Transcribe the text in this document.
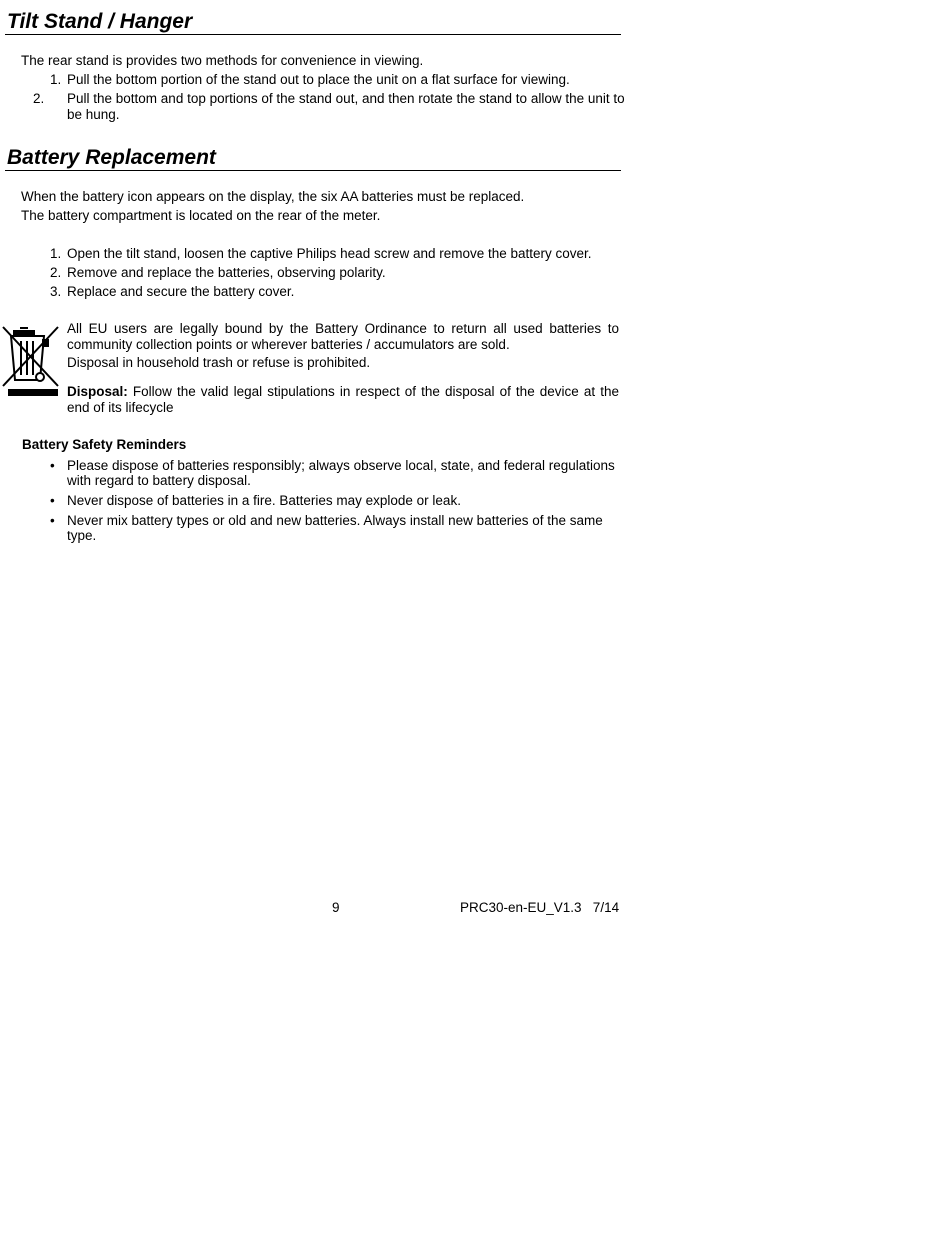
Tilt Stand / Hanger

The rear stand is provides two methods for convenience in viewing.

1. Pull the bottom portion of the stand out to place the unit on a flat surface for viewing.
2. Pull the bottom and top portions of the stand out, and then rotate the stand to allow the unit to be hung.
Battery Replacement

When the battery icon appears on the display, the six AA batteries must be replaced.

The battery compartment is located on the rear of the meter.

1. Open the tilt stand, loosen the captive Philips head screw and remove the battery cover.
2. Remove and replace the batteries, observing polarity.
3. Replace and secure the battery cover.

All EU users are legally bound by the Battery Ordinance to return all used batteries to community collection points or wherever batteries / accumulators are sold.

Disposal in household trash or refuse is prohibited.

Disposal: Follow the valid legal stipulations in respect of the disposal of the device at the end of its lifecycle

Battery Safety Reminders

• Please dispose of batteries responsibly; always observe local, state, and federal regulations with regard to battery disposal.
• Never dispose of batteries in a fire. Batteries may explode or leak.
• Never mix battery types or old and new batteries. Always install new batteries of the same type.
9	PRC30-en-EU_V1.3   7/14
